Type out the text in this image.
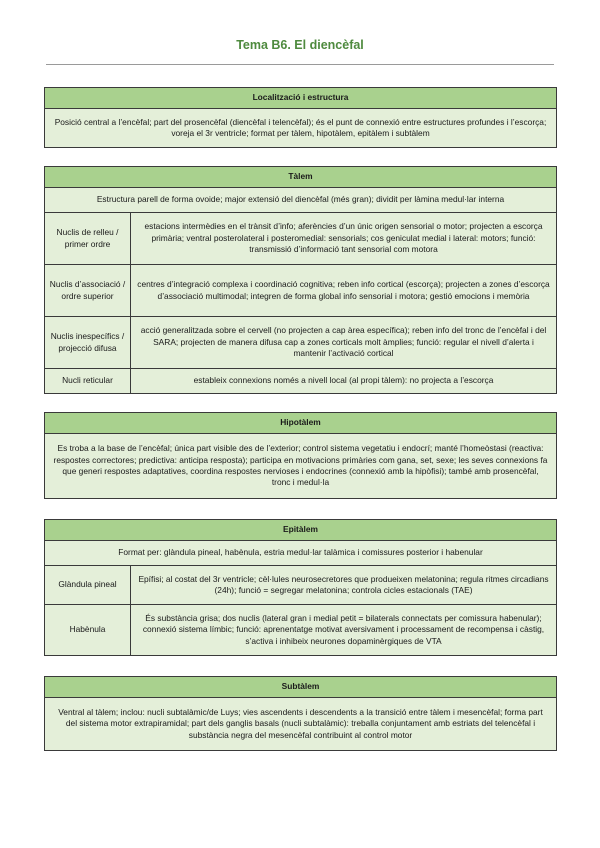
Tema B6. El diencèfal
Localització i estructura
Posició central a l’encèfal; part del prosencèfal (diencèfal i telencèfal); és el punt de connexió entre estructures profundes i l’escorça; voreja el 3r ventricle; format per tàlem, hipotàlem, epitàlem i subtàlem
Tàlem	
Estructura parell de forma ovoide; major extensió del diencèfal (més gran); dividit per làmina medul·lar interna	
Nuclis de relleu / primer ordre	estacions intermèdies en el trànsit d’info; aferències d’un únic origen sensorial o motor; projecten a escorça primària; ventral posterolateral i posteromedial: sensorials; cos geniculat medial i lateral: motors; funció: transmissió d’informació tant sensorial com motora
Nuclis d’associació / ordre superior	centres d’integració complexa i coordinació cognitiva; reben info cortical (escorça); projecten a zones d’escorça d’associació multimodal; integren de forma global info sensorial i motora; gestió emocions i memòria
Nuclis inespecífics / projecció difusa	acció generalitzada sobre el cervell (no projecten a cap àrea específica); reben info del tronc de l’encèfal i del SARA; projecten de manera difusa cap a zones corticals molt àmplies; funció: regular el nivell d’alerta i mantenir l’activació cortical
Nucli reticular	estableix connexions només a nivell local (al propi tàlem): no projecta a l’escorça
Hipotàlem
Es troba a la base de l’encèfal; única part visible des de l’exterior; control sistema vegetatiu i endocrí; manté l’homeòstasi (reactiva: respostes correctores; predictiva: anticipa resposta); participa en motivacions primàries com gana, set, sexe; les seves connexions fa que generi respostes adaptatives, coordina respostes nervioses i endocrines (connexió amb la hipòfisi); també amb prosencèfal, tronc i medul·la
Epitàlem	
Format per: glàndula pineal, habènula, estria medul·lar talàmica i comissures posterior i habenular	
Glàndula pineal	Epífisi; al costat del 3r ventricle; cèl·lules neurosecretores que produeixen melatonina; regula ritmes circadians (24h); funció = segregar melatonina; controla cicles estacionals (TAE)
Habènula	És substància grisa; dos nuclis (lateral gran i medial petit = bilaterals connectats per comissura habenular); connexió sistema límbic; funció: aprenentatge motivat aversivament i processament de recompensa i càstig, s’activa i inhibeix neurones dopaminèrgiques de VTA
Subtàlem
Ventral al tàlem; inclou: nucli subtalàmic/de Luys; vies ascendents i descendents a la transició entre tàlem i mesencèfal; forma part del sistema motor extrapiramidal; part dels ganglis basals (nucli subtalàmic): treballa conjuntament amb estriats del telencèfal i substància negra del mesencèfal contribuint al control motor
